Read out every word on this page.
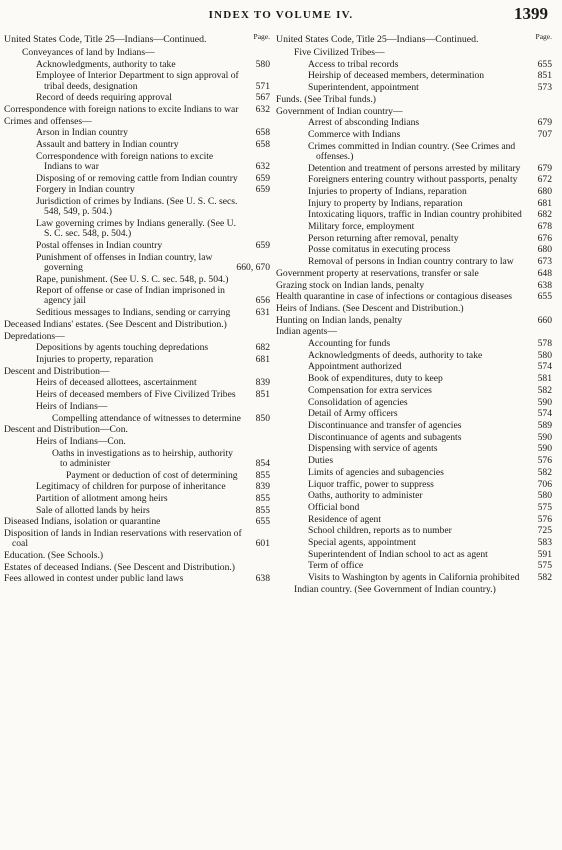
INDEX TO VOLUME IV.	1399
United States Code, Title 25—Indians—Continued.	Page.
Conveyances of land by Indians—
Acknowledgments, authority to take	580
Employee of Interior Department to sign approval of tribal deeds, designation	571
Record of deeds requiring approval	567
Correspondence with foreign nations to excite Indians to war	632
Crimes and offenses—
Arson in Indian country	658
Assault and battery in Indian country	658
Correspondence with foreign nations to excite Indians to war	632
Disposing of or removing cattle from Indian country	659
Forgery in Indian country	659
Jurisdiction of crimes by Indians. (See U. S. C. secs. 548, 549, p. 504.)
Law governing crimes by Indians generally. (See U. S. C. sec. 548, p. 504.)
Postal offenses in Indian country	659
Punishment of offenses in Indian country, law governing	660, 670
Rape, punishment. (See U. S. C. sec. 548, p. 504.)
Report of offense or case of Indian imprisoned in agency jail	656
Seditious messages to Indians, sending or carrying	631
Deceased Indians' estates. (See Descent and Distribution.)
Depredations—
Depositions by agents touching depredations	682
Injuries to property, reparation	681
Descent and Distribution—
Heirs of deceased allottees, ascertainment	839
Heirs of deceased members of Five Civilized Tribes	851
Heirs of Indians—
Compelling attendance of witnesses to determine 850
Descent and Distribution—Con.
Heirs of Indians—Con.
Oaths in investigations as to heirship, authority to administer	854
Payment or deduction of cost of determining	855
Legitimacy of children for purpose of inheritance	839
Partition of allotment among heirs	855
Sale of allotted lands by heirs	855
Diseased Indians, isolation or quarantine	655
Disposition of lands in Indian reservations with reservation of coal	601
Education. (See Schools.)
Estates of deceased Indians. (See Descent and Distribution.)
Fees allowed in contest under public land laws	638
United States Code, Title 25—Indians—Continued.	Page.
Five Civilized Tribes—
Access to tribal records	655
Heirship of deceased members, determination	851
Superintendent, appointment	573
Funds. (See Tribal funds.)
Government of Indian country—
Arrest of absconding Indians	679
Commerce with Indians	707
Crimes committed in Indian country. (See Crimes and offenses.)
Detention and treatment of persons arrested by military	679
Foreigners entering country without passports, penalty	672
Injuries to property of Indians, reparation	680
Injury to property by Indians, reparation	681
Intoxicating liquors, traffic in Indian country prohibited 682
Military force, employment	678
Person returning after removal, penalty	676
Posse comitatus in executing process	680
Removal of persons in Indian country contrary to law	673
Government property at reservations, transfer or sale	648
Grazing stock on Indian lands, penalty	638
Health quarantine in case of infections or contagious diseases	655
Heirs of Indians. (See Descent and Distribution.)
Hunting on Indian lands, penalty	660
Indian agents—
Accounting for funds	578
Acknowledgments of deeds, authority to take	580
Appointment authorized	574
Book of expenditures, duty to keep	581
Compensation for extra services	582
Consolidation of agencies	590
Detail of Army officers	574
Discontinuance and transfer of agencies	589
Discontinuance of agents and subagents	590
Dispensing with service of agents	590
Duties	576
Limits of agencies and subagencies	582
Liquor traffic, power to suppress	706
Oaths, authority to administer	580
Official bond	575
Residence of agent	576
School children, reports as to number	725
Special agents, appointment	583
Superintendent of Indian school to act as agent	591
Term of office	575
Visits to Washington by agents in California prohibited	582
Indian country. (See Government of Indian country.)
